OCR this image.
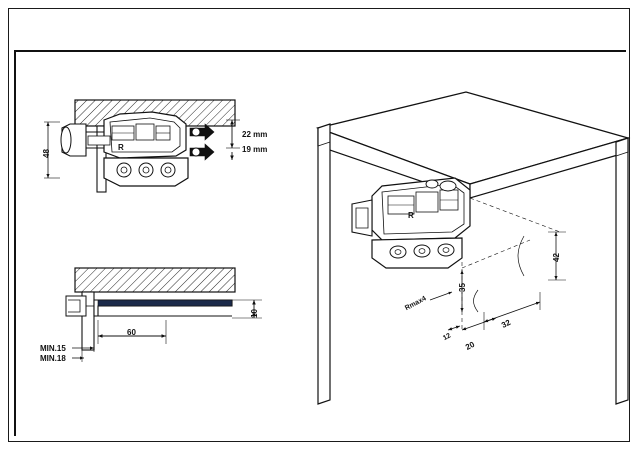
22 mm
19 mm
48
R
MIN.15
MIN.18
60
10
42
35
32
20
12
Rmax4
R
